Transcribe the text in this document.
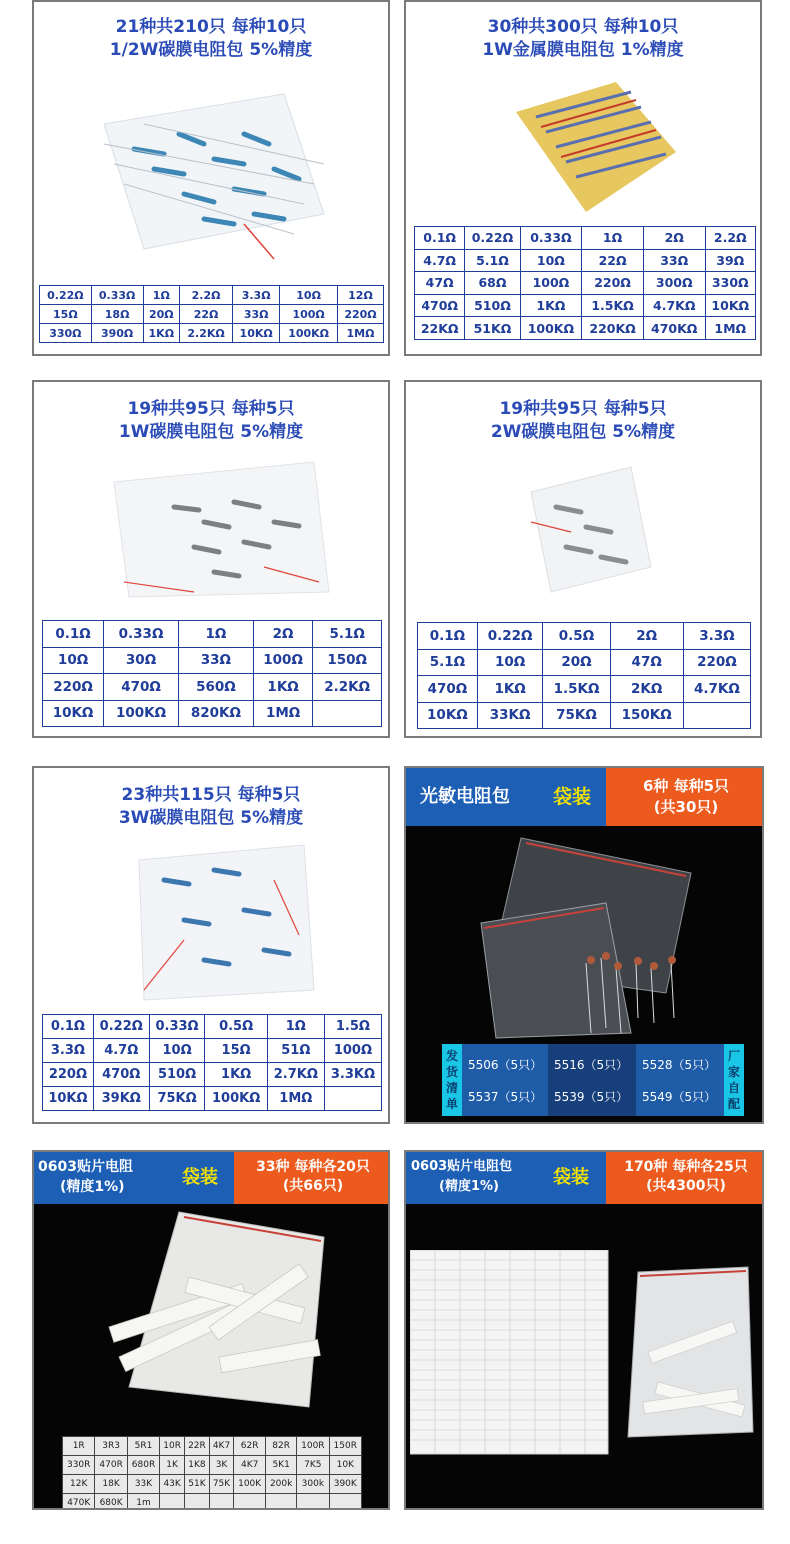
21种共210只 每种10只
1/2W碳膜电阻包 5%精度
0.22Ω	0.33Ω	1Ω	2.2Ω	3.3Ω	10Ω	12Ω
15Ω	18Ω	20Ω	22Ω	33Ω	100Ω	220Ω
330Ω	390Ω	1KΩ	2.2KΩ	10KΩ	100KΩ	1MΩ
30种共300只 每种10只
1W金属膜电阻包 1%精度
0.1Ω	0.22Ω	0.33Ω	1Ω	2Ω	2.2Ω
4.7Ω	5.1Ω	10Ω	22Ω	33Ω	39Ω
47Ω	68Ω	100Ω	220Ω	300Ω	330Ω
470Ω	510Ω	1KΩ	1.5KΩ	4.7KΩ	10KΩ
22KΩ	51KΩ	100KΩ	220KΩ	470KΩ	1MΩ
19种共95只 每种5只
1W碳膜电阻包 5%精度
0.1Ω	0.33Ω	1Ω	2Ω	5.1Ω
10Ω	30Ω	33Ω	100Ω	150Ω
220Ω	470Ω	560Ω	1KΩ	2.2KΩ
10KΩ	100KΩ	820KΩ	1MΩ	
19种共95只 每种5只
2W碳膜电阻包 5%精度
0.1Ω	0.22Ω	0.5Ω	2Ω	3.3Ω
5.1Ω	10Ω	20Ω	47Ω	220Ω
470Ω	1KΩ	1.5KΩ	2KΩ	4.7KΩ
10KΩ	33KΩ	75KΩ	150KΩ	
23种共115只 每种5只
3W碳膜电阻包 5%精度
0.1Ω	0.22Ω	0.33Ω	0.5Ω	1Ω	1.5Ω
3.3Ω	4.7Ω	10Ω	15Ω	51Ω	100Ω
220Ω	470Ω	510Ω	1KΩ	2.7KΩ	3.3KΩ
10KΩ	39KΩ	75KΩ	100KΩ	1MΩ	
光敏电阻包	袋装	6种 每种5只
(共30只)
发货清单
厂家自配
5506（5只） 5516（5只） 5528（5只）
5537（5只） 5539（5只） 5549（5只）
0603贴片电阻
(精度1%)	袋装	33种 每种各20只
(共66只)
1R	3R3	5R1	10R	22R	4K7	62R	82R	100R	150R
330R	470R	680R	1K	1K8	3K	4K7	5K1	7K5	10K
12K	18K	33K	43K	51K	75K	100K	200k	300k	390K
470K	680K	1m							
0603贴片电阻包
(精度1%)	袋装	170种 每种各25只
(共4300只)
